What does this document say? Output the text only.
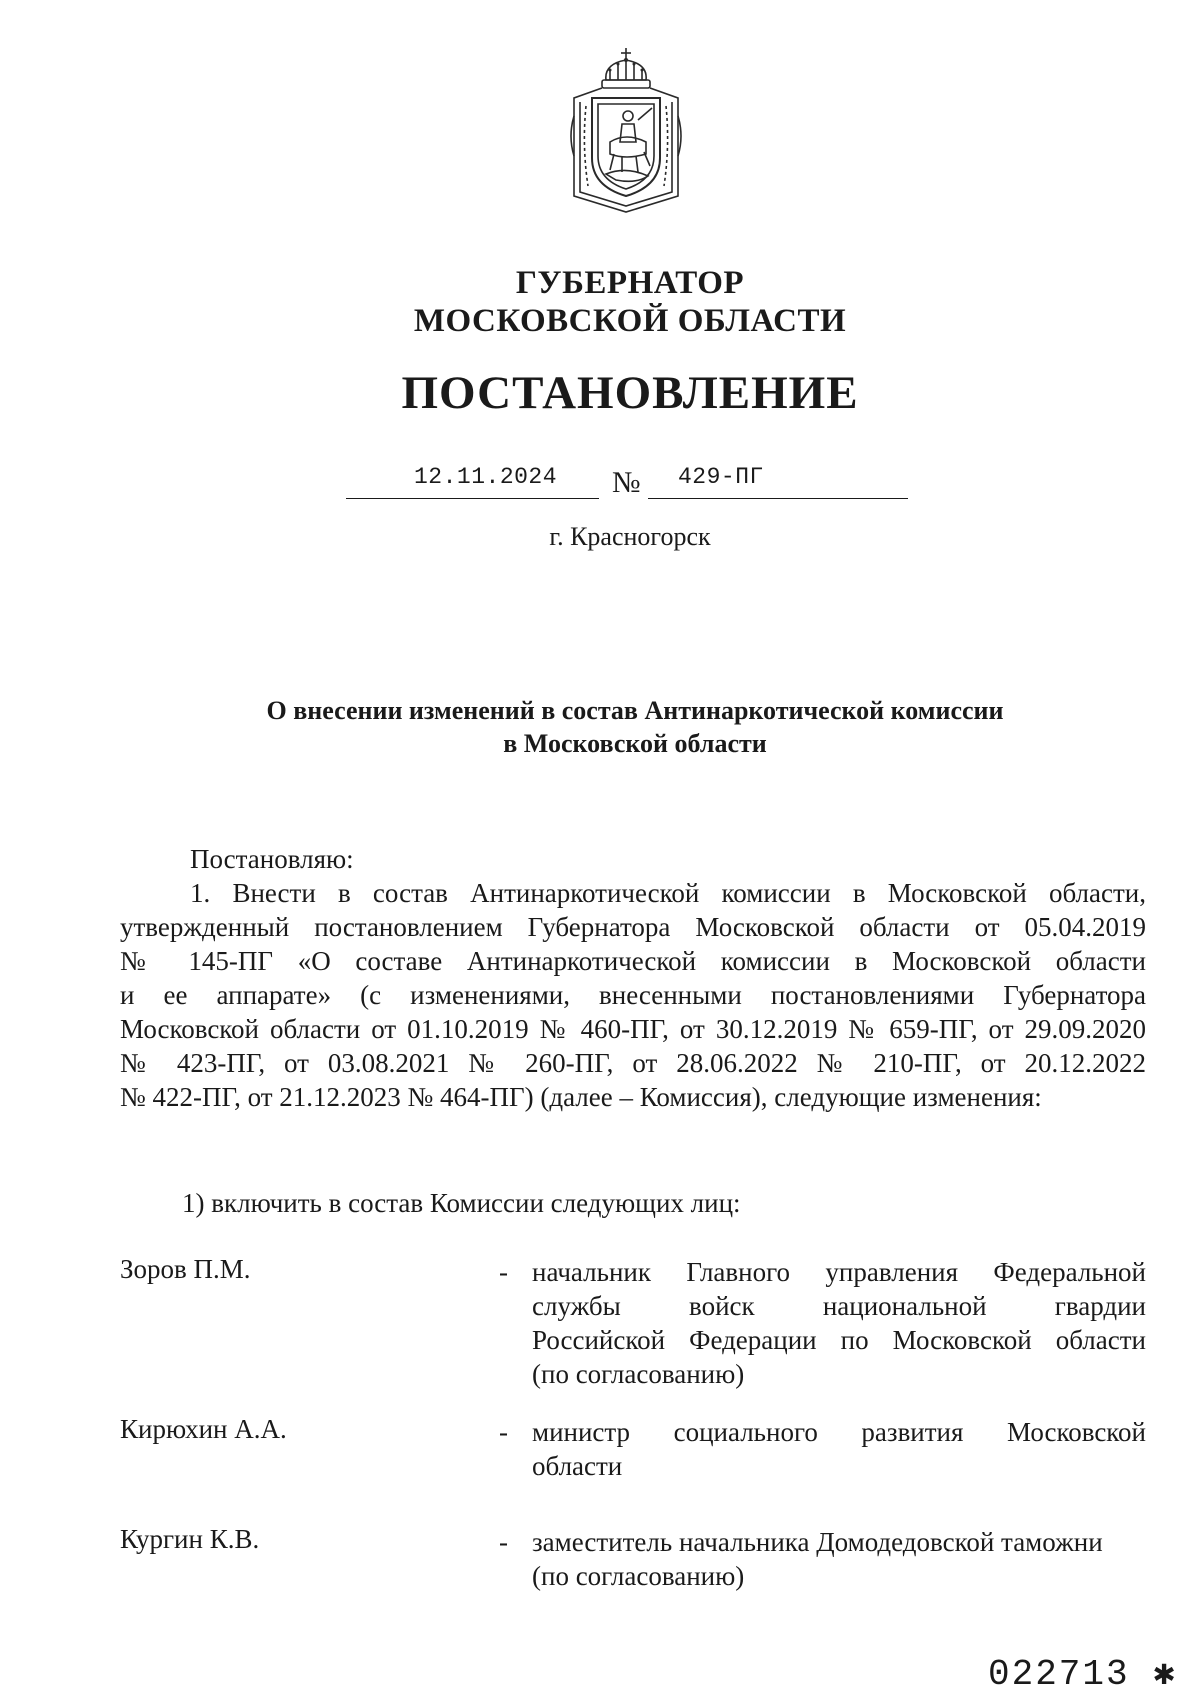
ГУБЕРНАТОР
МОСКОВСКОЙ ОБЛАСТИ
ПОСТАНОВЛЕНИЕ
12.11.2024 № 429-ПГ
г. Красногорск
О внесении изменений в состав Антинаркотической комиссии
в Московской области
Постановляю:
1. Внести в состав Антинаркотической комиссии в Московской области,
утвержденный постановлением Губернатора Московской области от 05.04.2019
№ 145-ПГ «О составе Антинаркотической комиссии в Московской области
и ее аппарате» (с изменениями, внесенными постановлениями Губернатора
Московской области от 01.10.2019 № 460-ПГ, от 30.12.2019 № 659-ПГ, от 29.09.2020
№ 423-ПГ, от 03.08.2021 № 260-ПГ, от 28.06.2022 № 210-ПГ, от 20.12.2022
№ 422-ПГ, от 21.12.2023 № 464-ПГ) (далее – Комиссия), следующие изменения:
1) включить в состав Комиссии следующих лиц:
Зоров П.М.	- начальник Главного управления Федеральной
службы войск национальной гвардии
Российской Федерации по Московской области
(по согласованию)
Кирюхин А.А.	- министр социального развития Московской
области
Кургин К.В.	- заместитель начальника Домодедовской таможни
(по согласованию)
022713 ✱
